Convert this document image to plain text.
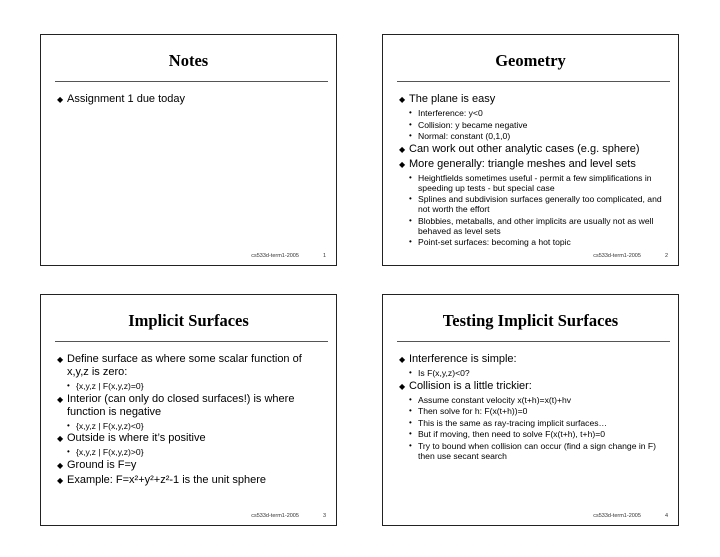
Notes
◆ Assignment 1 due today
cs533d-term1-2005	1
Geometry
◆ The plane is easy
• Interference: y<0
• Collision: y became negative
• Normal: constant (0,1,0)
◆ Can work out other analytic cases (e.g. sphere)
◆ More generally: triangle meshes and level sets
• Heightfields sometimes useful - permit a few simplifications in speeding up tests - but special case
• Splines and subdivision surfaces generally too complicated, and not worth the effort
• Blobbies, metaballs, and other implicits are usually not as well behaved as level sets
• Point-set surfaces: becoming a hot topic
cs533d-term1-2005	2
Implicit Surfaces
◆ Define surface as where some scalar function of x,y,z is zero:
• {x,y,z | F(x,y,z)=0}
◆ Interior (can only do closed surfaces!) is where function is negative
• {x,y,z | F(x,y,z)<0}
◆ Outside is where it’s positive
• {x,y,z | F(x,y,z)>0}
◆ Ground is F=y
◆ Example: F=x²+y²+z²-1 is the unit sphere
cs533d-term1-2005	3
Testing Implicit Surfaces
◆ Interference is simple:
• Is F(x,y,z)<0?
◆ Collision is a little trickier:
• Assume constant velocity x(t+h)=x(t)+hv
• Then solve for h: F(x(t+h))=0
• This is the same as ray-tracing implicit surfaces…
• But if moving, then need to solve F(x(t+h), t+h)=0
• Try to bound when collision can occur (find a sign change in F) then use secant search
cs533d-term1-2005	4
